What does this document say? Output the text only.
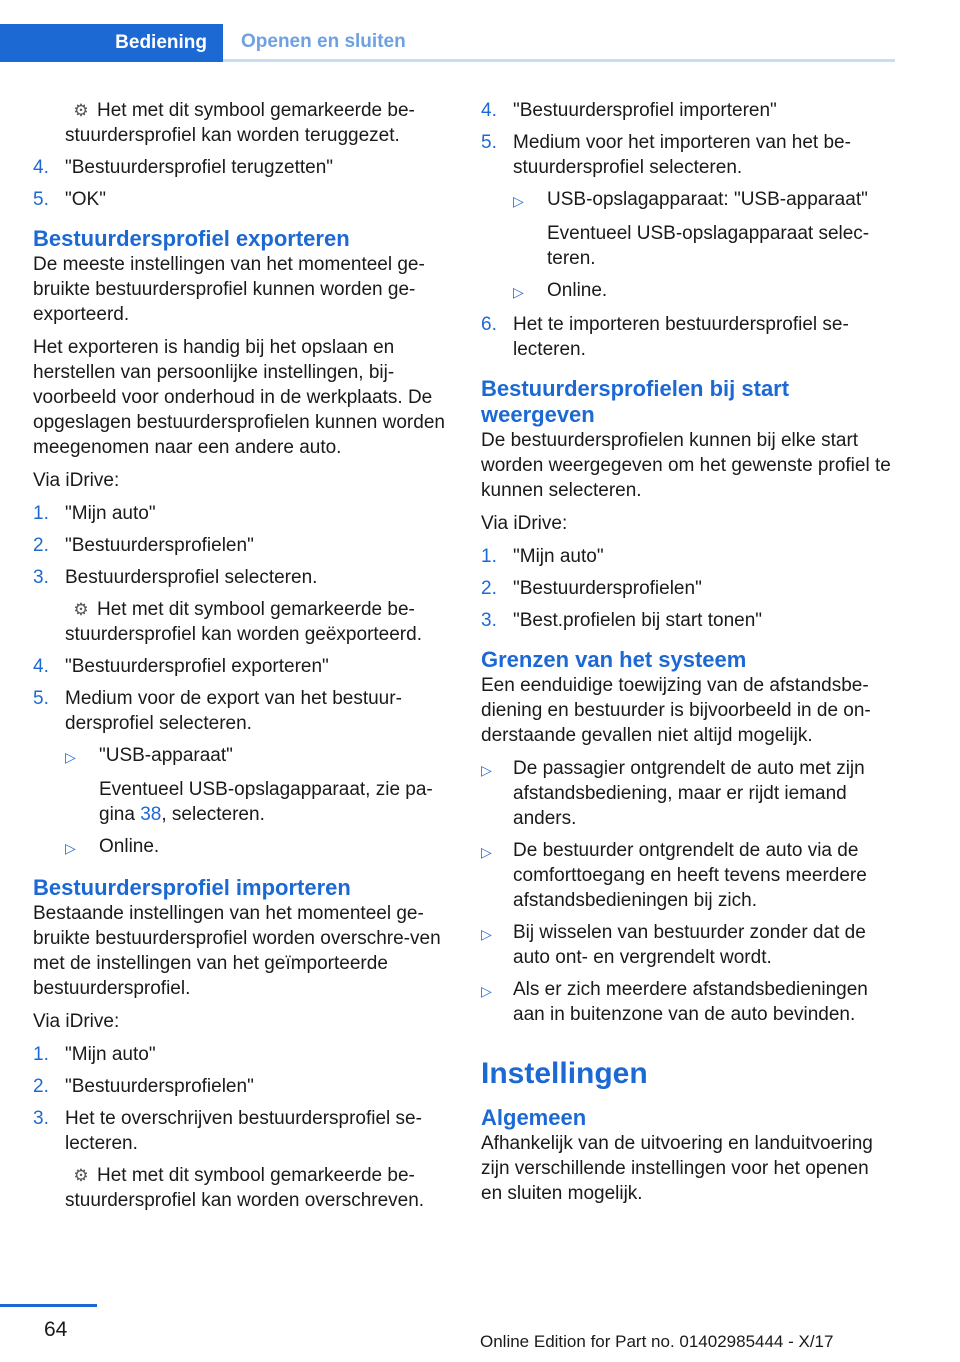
Bediening	Openen en sluiten
⚙ Het met dit symbool gemarkeerde be-stuurdersprofiel kan worden teruggezet.
4. "Bestuurdersprofiel terugzetten"
5. "OK"
Bestuurdersprofiel exporteren

De meeste instellingen van het momenteel ge-bruikte bestuurdersprofiel kunnen worden ge-exporteerd.

Het exporteren is handig bij het opslaan en herstellen van persoonlijke instellingen, bij-voorbeeld voor onderhoud in de werkplaats. De opgeslagen bestuurdersprofielen kunnen worden meegenomen naar een andere auto.

Via iDrive:

1. "Mijn auto"
2. "Bestuurdersprofielen"
3. Bestuurdersprofiel selecteren.
⚙ Het met dit symbool gemarkeerde be-stuurdersprofiel kan worden geëxporteerd.
4. "Bestuurdersprofiel exporteren"
5. Medium voor de export van het bestuur-dersprofiel selecteren.
▷	"USB-apparaat"
Eventueel USB-opslagapparaat, zie pa-gina 38, selecteren.
▷	Online.
Bestuurdersprofiel importeren

Bestaande instellingen van het momenteel ge-bruikte bestuurdersprofiel worden overschre-ven met de instellingen van het geïmporteerde bestuurdersprofiel.

Via iDrive:

1. "Mijn auto"
2. "Bestuurdersprofielen"
3. Het te overschrijven bestuurdersprofiel se-lecteren.
⚙ Het met dit symbool gemarkeerde be-stuurdersprofiel kan worden overschreven.
4. "Bestuurdersprofiel importeren"
5. Medium voor het importeren van het be-stuurdersprofiel selecteren.
▷	USB-opslagapparaat: "USB-apparaat"
Eventueel USB-opslagapparaat selec-teren.
▷	Online.
6. Het te importeren bestuurdersprofiel se-lecteren.
Bestuurdersprofielen bij start weergeven

De bestuurdersprofielen kunnen bij elke start worden weergegeven om het gewenste profiel te kunnen selecteren.

Via iDrive:

1. "Mijn auto"
2. "Bestuurdersprofielen"
3. "Best.profielen bij start tonen"
Grenzen van het systeem

Een eenduidige toewijzing van de afstandsbe-diening en bestuurder is bijvoorbeeld in de on-derstaande gevallen niet altijd mogelijk.

▷	De passagier ontgrendelt de auto met zijn afstandsbediening, maar er rijdt iemand anders.
▷	De bestuurder ontgrendelt de auto via de comforttoegang en heeft tevens meerdere afstandsbedieningen bij zich.
▷	Bij wisselen van bestuurder zonder dat de auto ont- en vergrendelt wordt.
▷	Als er zich meerdere afstandsbedieningen aan in buitenzone van de auto bevinden.
Instellingen
Algemeen

Afhankelijk van de uitvoering en landuitvoering zijn verschillende instellingen voor het openen en sluiten mogelijk.

64
Online Edition for Part no. 01402985444 - X/17
